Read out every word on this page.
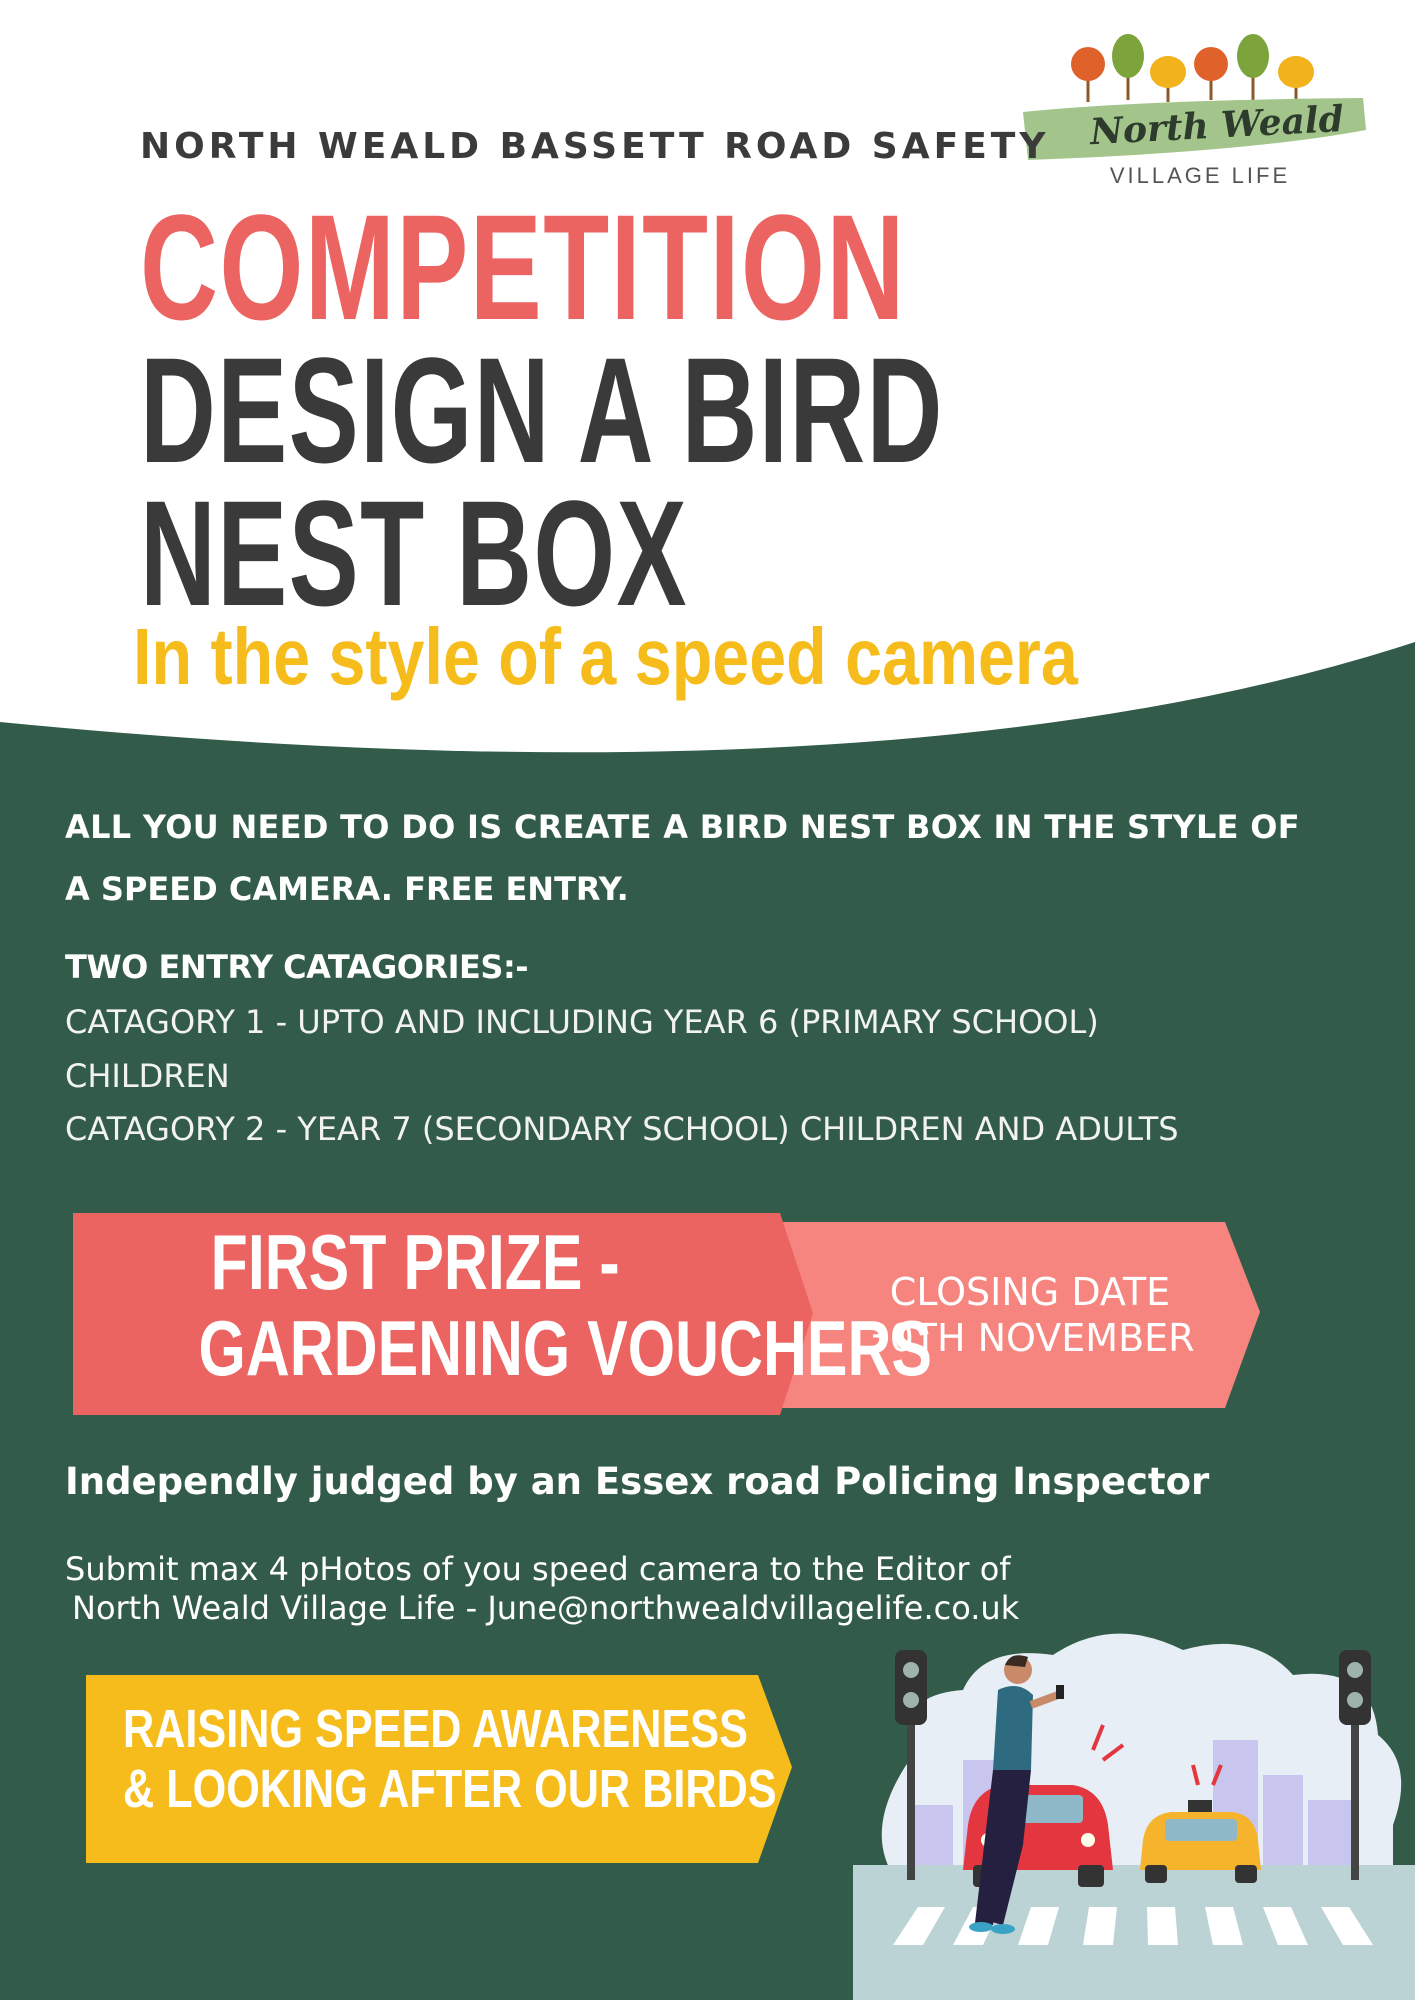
North Weald
VILLAGE LIFE
NORTH WEALD BASSETT ROAD SAFETY
COMPETITION
DESIGN A BIRD
NEST BOX
In the style of a speed camera
ALL YOU NEED TO DO IS CREATE A BIRD NEST BOX IN THE STYLE OF
A SPEED CAMERA. FREE ENTRY.
TWO ENTRY CATAGORIES:-
CATAGORY 1 - UPTO AND INCLUDING YEAR 6 (PRIMARY SCHOOL)
CHILDREN
CATAGORY 2 - YEAR 7 (SECONDARY SCHOOL) CHILDREN AND ADULTS
FIRST PRIZE -
GARDENING VOUCHERS
CLOSING DATE
30TH NOVEMBER
Independly judged by an Essex road Policing Inspector
Submit max 4 pHotos of you speed camera to the Editor of
North Weald Village Life - June@northwealdvillagelife.co.uk
RAISING SPEED AWARENESS
& LOOKING AFTER OUR BIRDS
